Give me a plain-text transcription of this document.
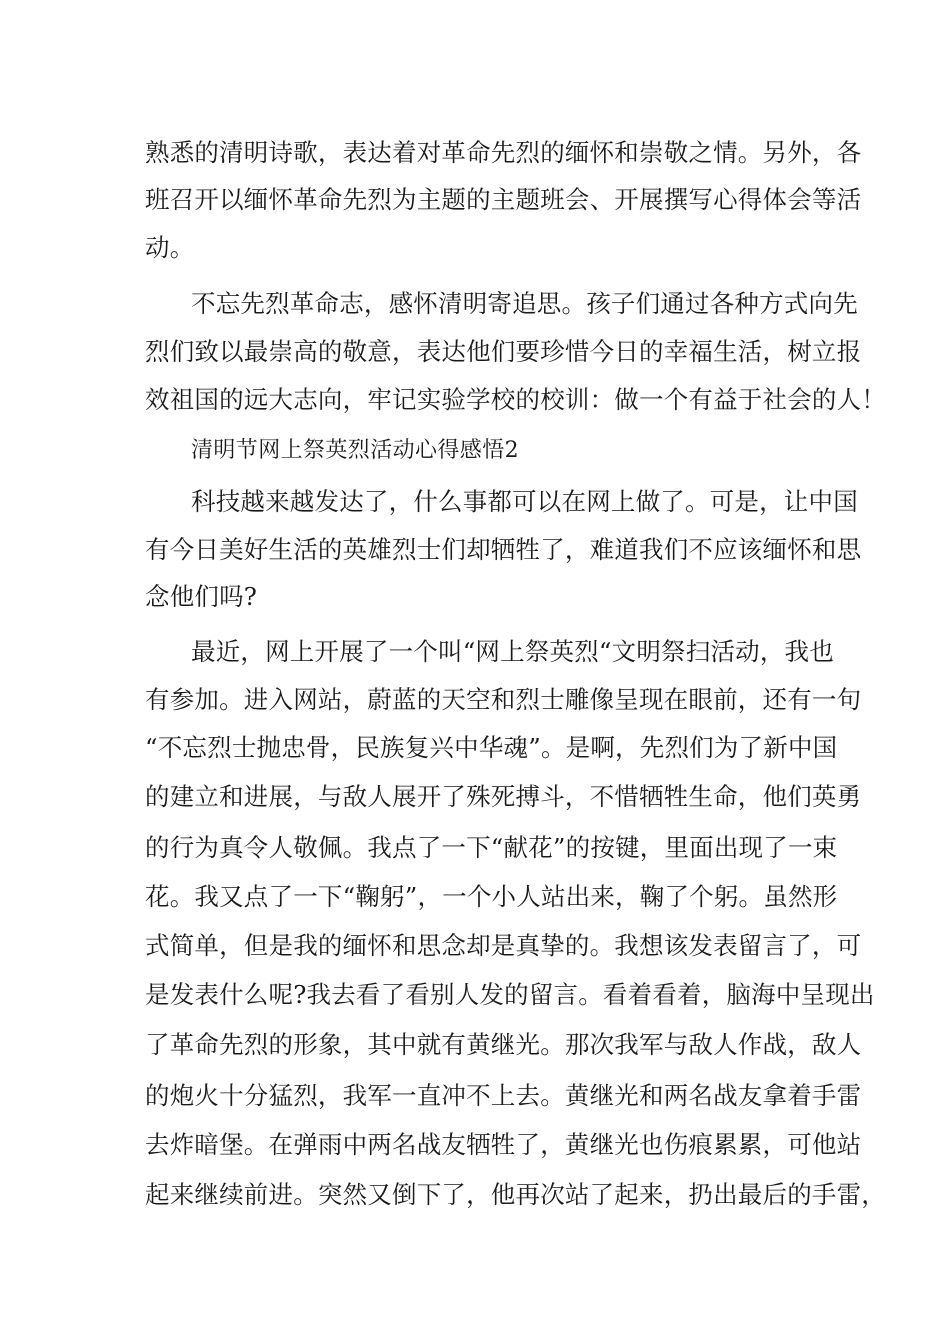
熟悉的清明诗歌，表达着对革命先烈的缅怀和崇敬之情。另外，各
班召开以缅怀革命先烈为主题的主题班会、开展撰写心得体会等活
动。
不忘先烈革命志，感怀清明寄追思。孩子们通过各种方式向先
烈们致以最崇高的敬意，表达他们要珍惜今日的幸福生活，树立报
效祖国的远大志向，牢记实验学校的校训：做一个有益于社会的人！
清明节网上祭英烈活动心得感悟2
科技越来越发达了，什么事都可以在网上做了。可是，让中国
有今日美好生活的英雄烈士们却牺牲了，难道我们不应该缅怀和思
念他们吗?
最近，网上开展了一个叫“网上祭英烈“文明祭扫活动，我也
有参加。进入网站，蔚蓝的天空和烈士雕像呈现在眼前，还有一句
“不忘烈士抛忠骨，民族复兴中华魂”。是啊，先烈们为了新中国
的建立和进展，与敌人展开了殊死搏斗，不惜牺牲生命，他们英勇
的行为真令人敬佩。我点了一下“献花”的按键，里面出现了一束
花。我又点了一下“鞠躬”，一个小人站出来，鞠了个躬。虽然形
式简单，但是我的缅怀和思念却是真挚的。我想该发表留言了，可
是发表什么呢?我去看了看别人发的留言。看着看着，脑海中呈现出
了革命先烈的形象，其中就有黄继光。那次我军与敌人作战，敌人
的炮火十分猛烈，我军一直冲不上去。黄继光和两名战友拿着手雷
去炸暗堡。在弹雨中两名战友牺牲了，黄继光也伤痕累累，可他站
起来继续前进。突然又倒下了，他再次站了起来，扔出最后的手雷，
